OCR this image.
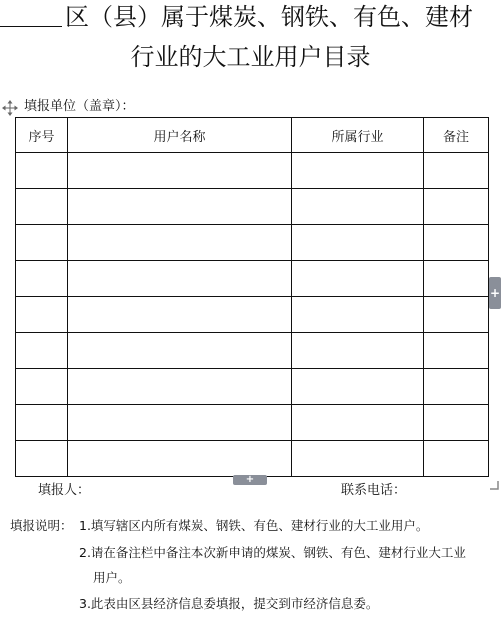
区（县）属于煤炭、钢铁、有色、建材
行业的大工业用户目录
填报单位（盖章）：
序号	用户名称	所属行业	备注

+
+
填报人：	联系电话：
填报说明： 1.填写辖区内所有煤炭、钢铁、有色、建材行业的大工业用户。
2.请在备注栏中备注本次新申请的煤炭、钢铁、有色、建材行业大工业
用户。
3.此表由区县经济信息委填报，提交到市经济信息委。
